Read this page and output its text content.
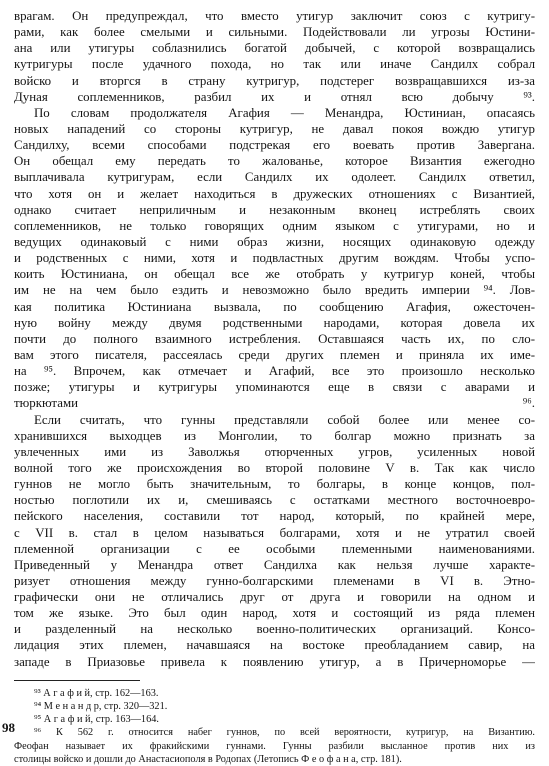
врагам. Он предупреждал, что вместо утигур заключит союз с кутригу-
рами, как более смелыми и сильными. Подействовали ли угрозы Юстини-
ана или утигуры соблазнились богатой добычей, с которой возвращались
кутригуры после удачного похода, но так или иначе Сандилх собрал
войско и вторгся в страну кутригур, подстерег возвращавшихся из-за
Дуная соплеменников, разбил их и отнял всю добычу ⁹³.
По словам продолжателя Агафия — Менандра, Юстиниан, опасаясь
новых нападений со стороны кутригур, не давал покоя вождю утигур
Сандилху, всеми способами подстрекая его воевать против Завергана.
Он обещал ему передать то жалованье, которое Византия ежегодно
выплачивала кутригурам, если Сандилх их одолеет. Сандилх ответил,
что хотя он и желает находиться в дружеских отношениях с Византией,
однако считает неприличным и незаконным вконец истреблять своих
соплеменников, не только говорящих одним языком с утигурами, но и
ведущих одинаковый с ними образ жизни, носящих одинаковую одежду
и родственных с ними, хотя и подвластных другим вождям. Чтобы успо-
коить Юстиниана, он обещал все же отобрать у кутригур коней, чтобы
им не на чем было ездить и невозможно было вредить империи ⁹⁴. Лов-
кая политика Юстиниана вызвала, по сообщению Агафия, ожесточен-
ную войну между двумя родственными народами, которая довела их
почти до полного взаимного истребления. Оставшаяся часть их, по сло-
вам этого писателя, рассеялась среди других племен и приняла их име-
на ⁹⁵. Впрочем, как отмечает и Агафий, все это произошло несколько
позже; утигуры и кутригуры упоминаются еще в связи с аварами и
тюркютами ⁹⁶.
Если считать, что гунны представляли собой более или менее со-
хранившихся выходцев из Монголии, то болгар можно признать за
увлеченных ими из Заволжья отюрченных угров, усиленных новой
волной того же происхождения во второй половине V в. Так как число
гуннов не могло быть значительным, то болгары, в конце концов, пол-
ностью поглотили их и, смешиваясь с остатками местного восточноевро-
пейского населения, составили тот народ, который, по крайней мере,
с VII в. стал в целом называться болгарами, хотя и не утратил своей
племенной организации с ее особыми племенными наименованиями.
Приведенный у Менандра ответ Сандилха как нельзя лучше характе-
ризует отношения между гунно-болгарскими племенами в VI в. Этно-
графически они не отличались друг от друга и говорили на одном и
том же языке. Это был один народ, хотя и состоящий из ряда племен
и разделенный на несколько военно-политических организаций. Консо-
лидация этих племен, начавшаяся на востоке преобладанием савир, на
западе в Приазовье привела к появлению утигур, а в Причерноморье —
⁹³ А г а ф и й, стр. 162—163.
⁹⁴ М е н а н д р, стр. 320—321.
⁹⁵ А г а ф и й, стр. 163—164.
⁹⁶ К 562 г. относится набег гуннов, по всей вероятности, кутригур, на Византию.
Феофан называет их фракийскими гуннами. Гунны разбили высланное против них из
столицы войско и дошли до Анастасиополя в Родопах (Летопись Ф е о ф а н а, стр. 181).
98
